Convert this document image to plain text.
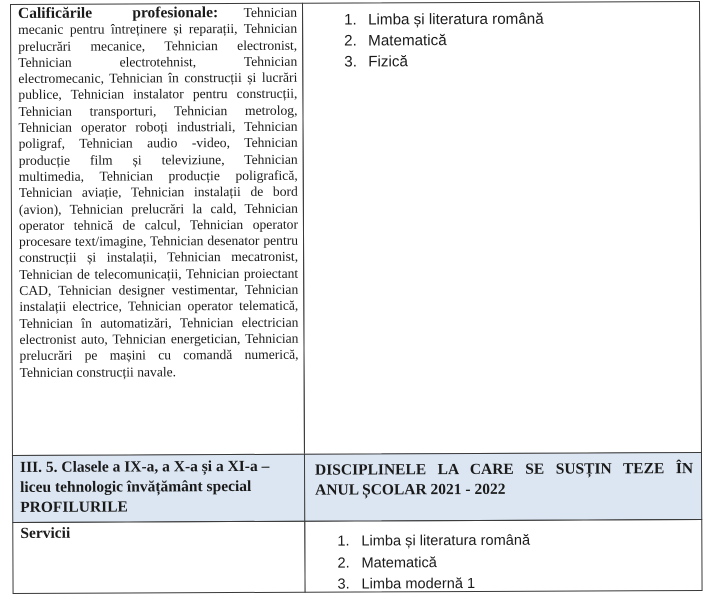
Calificările profesionale: Tehnician mecanic pentru întreținere și reparații, Tehnician prelucrări mecanice, Tehnician electronist, Tehnician electrotehnist, Tehnician electromecanic, Tehnician în construcții și lucrări publice, Tehnician instalator pentru construcții, Tehnician transporturi, Tehnician metrolog, Tehnician operator roboți industriali, Tehnician poligraf, Tehnician audio -video, Tehnician producție film și televiziune, Tehnician multimedia, Tehnician producție poligrafică, Tehnician aviație, Tehnician instalații de bord (avion), Tehnician prelucrări la cald, Tehnician operator tehnică de calcul, Tehnician operator procesare text/imagine, Tehnician desenator pentru construcții și instalații, Tehnician mecatronist, Tehnician de telecomunicații, Tehnician proiectant CAD, Tehnician designer vestimentar, Tehnician instalații electrice, Tehnician operator telematică, Tehnician în automatizări, Tehnician electrician electronist auto, Tehnician energetician, Tehnician prelucrări pe mașini cu comandă numerică, Tehnician construcții navale.

1. Limba și literatura română
2. Matematică
3. Fizică

III. 5. Clasele a IX-a, a X-a și a XI-a – liceu tehnologic învățământ special PROFILURILE

DISCIPLINELE LA CARE SE SUSȚIN TEZE ÎN ANUL ȘCOLAR 2021 - 2022

Servicii	1. Limba și literatura română
2. Matematică
3. Limba modernă 1
